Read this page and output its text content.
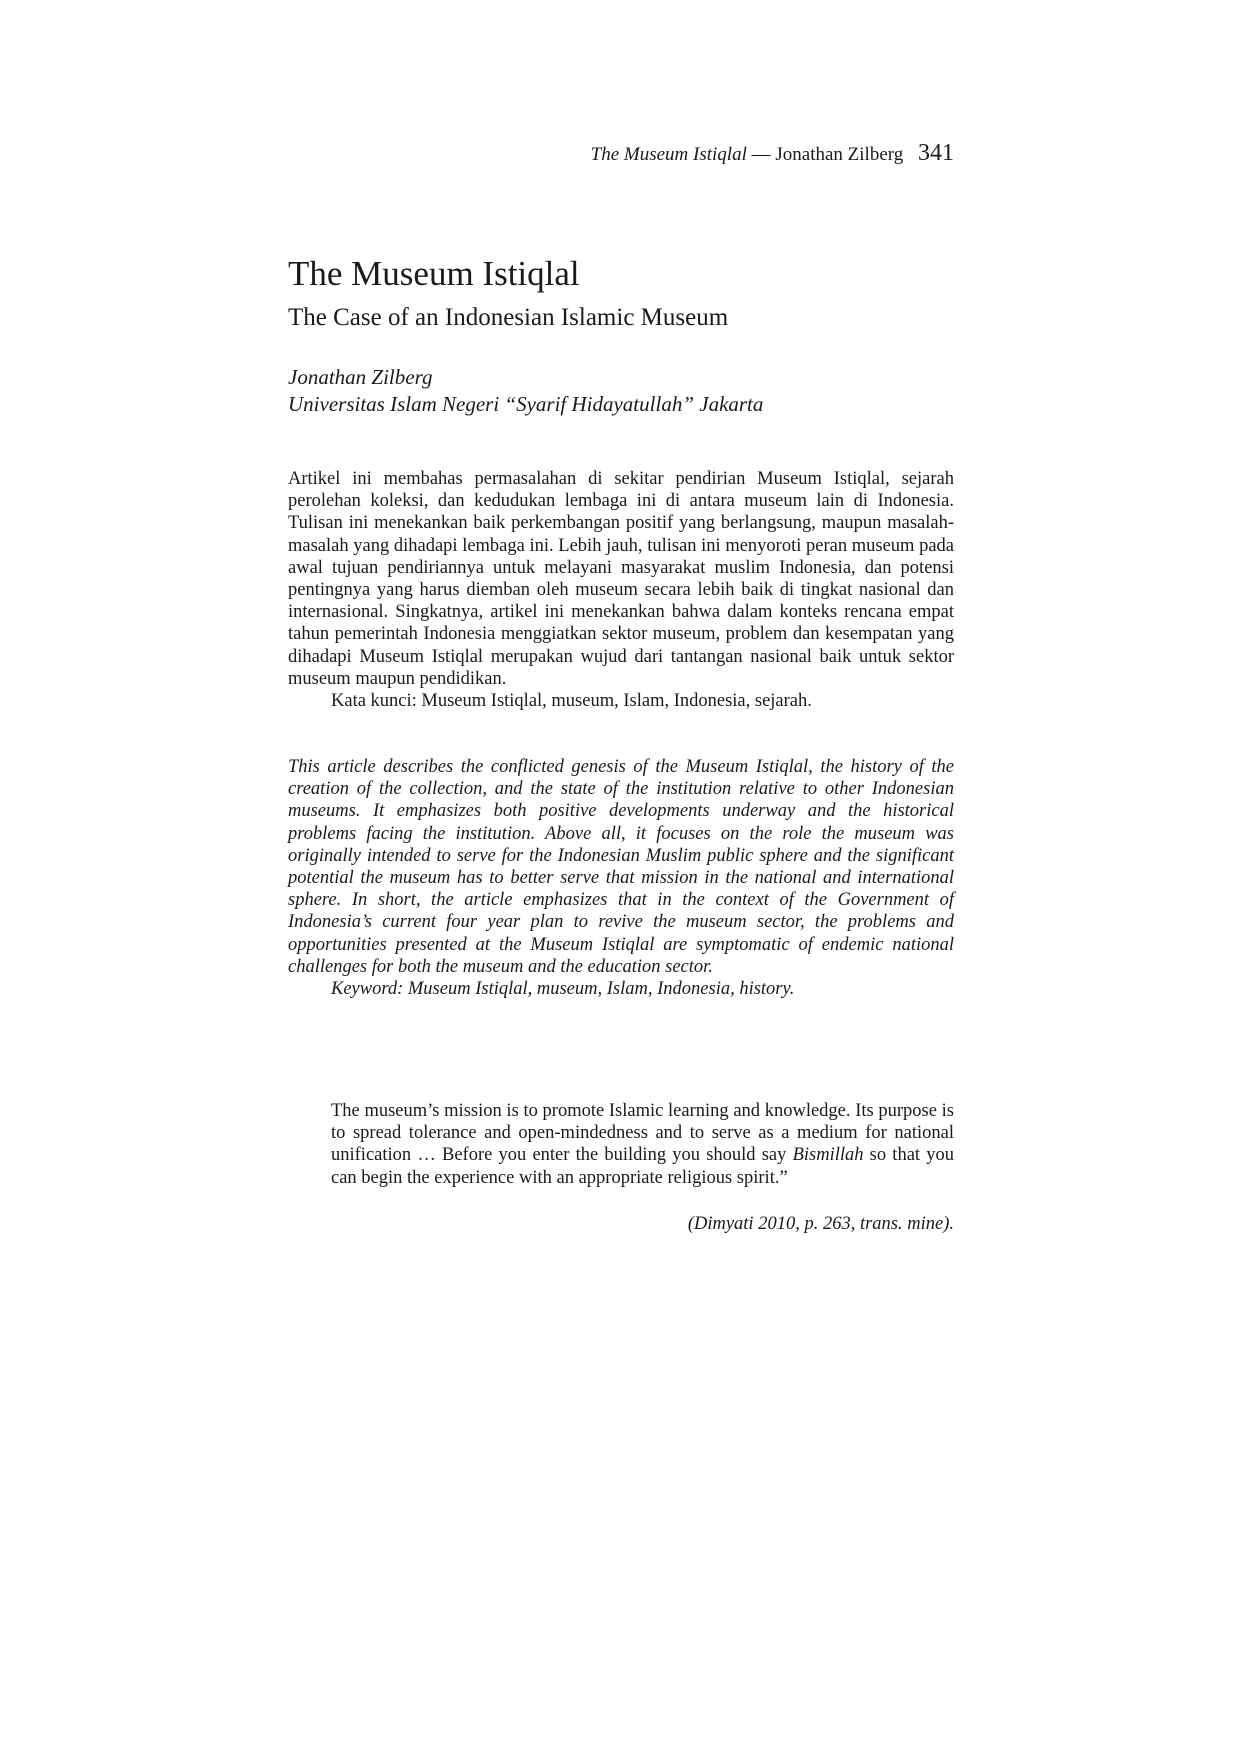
The Museum Istiqlal — Jonathan Zilberg 341
The Museum Istiqlal
The Case of an Indonesian Islamic Museum
Jonathan Zilberg
Universitas Islam Negeri “Syarif Hidayatullah” Jakarta
Artikel ini membahas permasalahan di sekitar pendirian Museum Istiqlal, sejarah perolehan koleksi, dan kedudukan lembaga ini di antara museum lain di Indonesia. Tulisan ini menekankan baik perkembangan positif yang berlangsung, maupun masalah-masalah yang dihadapi lembaga ini. Lebih jauh, tulisan ini menyoroti peran museum pada awal tujuan pendiriannya untuk melayani masyarakat muslim Indonesia, dan potensi pentingnya yang harus diemban oleh museum secara lebih baik di tingkat nasional dan internasional. Singkatnya, artikel ini menekankan bahwa dalam konteks rencana empat tahun pemerintah Indonesia menggiatkan sektor museum, problem dan kesempatan yang dihadapi Museum Istiqlal merupakan wujud dari tantangan nasional baik untuk sektor museum maupun pendidikan.
Kata kunci: Museum Istiqlal, museum, Islam, Indonesia, sejarah.
This article describes the conflicted genesis of the Museum Istiqlal, the history of the creation of the collection, and the state of the institution relative to other Indonesian museums. It emphasizes both positive developments underway and the historical problems facing the institution. Above all, it focuses on the role the museum was originally intended to serve for the Indonesian Muslim public sphere and the significant potential the museum has to better serve that mission in the national and international sphere. In short, the article emphasizes that in the context of the Government of Indonesia’s current four year plan to revive the museum sector, the problems and opportunities presented at the Museum Istiqlal are symptomatic of endemic national challenges for both the museum and the education sector.
Keyword: Museum Istiqlal, museum, Islam, Indonesia, history.

The museum’s mission is to promote Islamic learning and knowledge. Its purpose is to spread tolerance and open-mindedness and to serve as a medium for national unification … Before you enter the building you should say Bismillah so that you can begin the experience with an appropriate religious spirit.”

(Dimyati 2010, p. 263, trans. mine).
